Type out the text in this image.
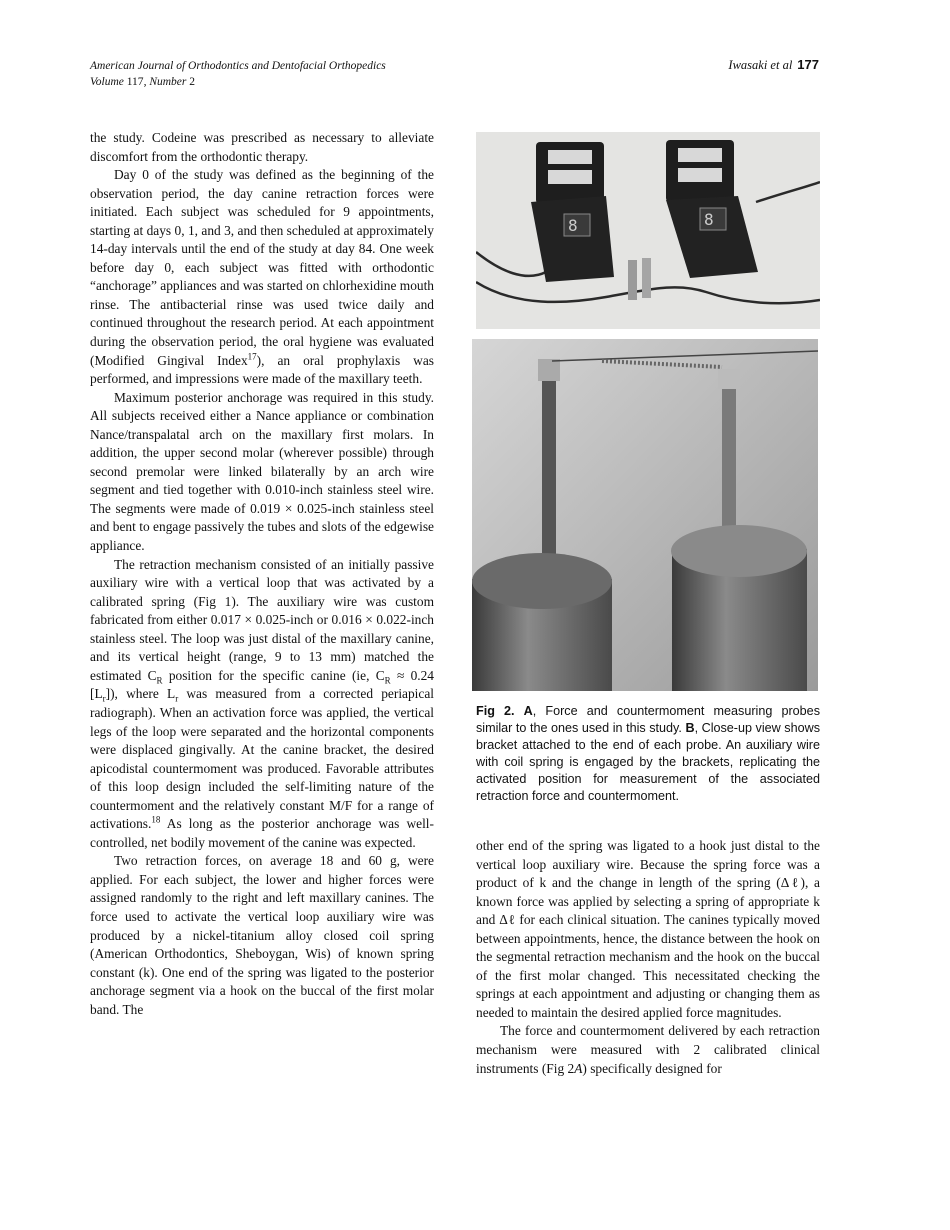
American Journal of Orthodontics and Dentofacial Orthopedics
Volume 117, Number 2
Iwasaki et al 177

the study. Codeine was prescribed as necessary to alleviate discomfort from the orthodontic therapy.

Day 0 of the study was defined as the beginning of the observation period, the day canine retraction forces were initiated. Each subject was scheduled for 9 appointments, starting at days 0, 1, and 3, and then scheduled at approximately 14-day intervals until the end of the study at day 84. One week before day 0, each subject was fitted with orthodontic “anchorage” appliances and was started on chlorhexidine mouth rinse. The antibacterial rinse was used twice daily and continued throughout the research period. At each appointment during the observation period, the oral hygiene was evaluated (Modified Gingival Index$^{17}$), an oral prophylaxis was performed, and impressions were made of the maxillary teeth.

Maximum posterior anchorage was required in this study. All subjects received either a Nance appliance or combination Nance/transpalatal arch on the maxillary first molars. In addition, the upper second molar (wherever possible) through second premolar were linked bilaterally by an arch wire segment and tied together with 0.010-inch stainless steel wire. The segments were made of 0.019 × 0.025-inch stainless steel and bent to engage passively the tubes and slots of the edgewise appliance.

The retraction mechanism consisted of an initially passive auxiliary wire with a vertical loop that was activated by a calibrated spring (Fig 1). The auxiliary wire was custom fabricated from either 0.017 × 0.025-inch or 0.016 × 0.022-inch stainless steel. The loop was just distal of the maxillary canine, and its vertical height (range, 9 to 13 mm) matched the estimated $C_R$ position for the specific canine (ie, $C_R \approx 0.24$ $[L_r]$), where $L_r$ was measured from a corrected periapical radiograph). When an activation force was applied, the vertical legs of the loop were separated and the horizontal components were displaced gingivally. At the canine bracket, the desired apicodistal countermoment was produced. Favorable attributes of this loop design included the self-limiting nature of the countermoment and the relatively constant M/F for a range of activations.$^{18}$ As long as the posterior anchorage was well-controlled, net bodily movement of the canine was expected.

Two retraction forces, on average 18 and 60 g, were applied. For each subject, the lower and higher forces were assigned randomly to the right and left maxillary canines. The force used to activate the vertical loop auxiliary wire was produced by a nickel-titanium alloy closed coil spring (American Orthodontics, Sheboygan, Wis) of known spring constant (k). One end of the spring was ligated to the posterior anchorage segment via a hook on the buccal of the first molar band. The

8	8
Fig 2. A, Force and countermoment measuring probes similar to the ones used in this study. B, Close-up view shows bracket attached to the end of each probe. An auxiliary wire with coil spring is engaged by the brackets, replicating the activated position for measurement of the associated retraction force and countermoment.

other end of the spring was ligated to a hook just distal to the vertical loop auxiliary wire. Because the spring force was a product of k and the change in length of the spring (Δℓ), a known force was applied by selecting a spring of appropriate k and Δℓ for each clinical situation. The canines typically moved between appointments, hence, the distance between the hook on the segmental retraction mechanism and the hook on the buccal of the first molar changed. This necessitated checking the springs at each appointment and adjusting or changing them as needed to maintain the desired applied force magnitudes.

The force and countermoment delivered by each retraction mechanism were measured with 2 calibrated clinical instruments (Fig 2A) specifically designed for
